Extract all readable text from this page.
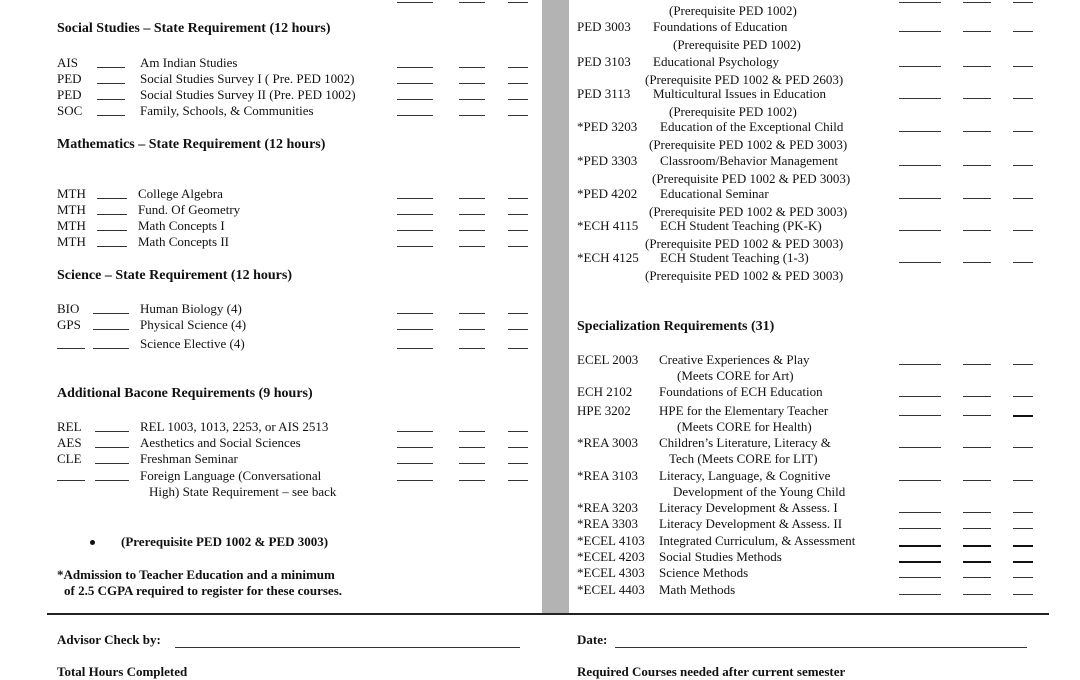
Social Studies – State Requirement (12 hours)
Mathematics – State Requirement (12 hours)
Science – State Requirement (12 hours)
Additional Bacone Requirements (9 hours)
High) State Requirement – see back
(Prerequisite PED 1002 & PED 3003)
*Admission to Teacher Education and a minimum
of 2.5 CGPA required to register for these courses.
(Prerequisite PED 1002)
Specialization Requirements (31)
AIS	Am Indian Studies
PED	Social Studies Survey I ( Pre. PED 1002)
PED	Social Studies Survey II (Pre. PED 1002)
SOC	Family, Schools, & Communities
MTH	College Algebra
MTH	Fund. Of Geometry
MTH	Math Concepts I
MTH	Math Concepts II
BIO	Human Biology (4)
GPS	Physical Science (4)
Science Elective (4)
REL	REL 1003, 1013, 2253, or AIS 2513
AES	Aesthetics and Social Sciences
CLE	Freshman Seminar
Foreign Language (Conversational
PED 3003 Foundations of Education
(Prerequisite PED 1002)
PED 3103 Educational Psychology
(Prerequisite PED 1002 & PED 2603)
PED 3113 Multicultural Issues in Education
(Prerequisite PED 1002)
*PED 3203 Education of the Exceptional Child
(Prerequisite PED 1002 & PED 3003)
*PED 3303 Classroom/Behavior Management
(Prerequisite PED 1002 & PED 3003)
*PED 4202 Educational Seminar
(Prerequisite PED 1002 & PED 3003)
*ECH 4115 ECH Student Teaching (PK-K)
(Prerequisite PED 1002 & PED 3003)
*ECH 4125 ECH Student Teaching (1-3)
(Prerequisite PED 1002 & PED 3003)
ECEL 2003 Creative Experiences & Play
(Meets CORE for Art)
ECH 2102 Foundations of ECH Education
HPE 3202 HPE for the Elementary Teacher
(Meets CORE for Health)
*REA 3003 Children’s Literature, Literacy &
Tech (Meets CORE for LIT)
*REA 3103 Literacy, Language, & Cognitive
Development of the Young Child
*REA 3203 Literacy Development & Assess. I
*REA 3303 Literacy Development & Assess. II
*ECEL 4103 Integrated Curriculum, & Assessment
*ECEL 4203 Social Studies Methods
*ECEL 4303 Science Methods
*ECEL 4403 Math Methods
Advisor Check by:	Date:
Total Hours Completed	Required Courses needed after current semester
